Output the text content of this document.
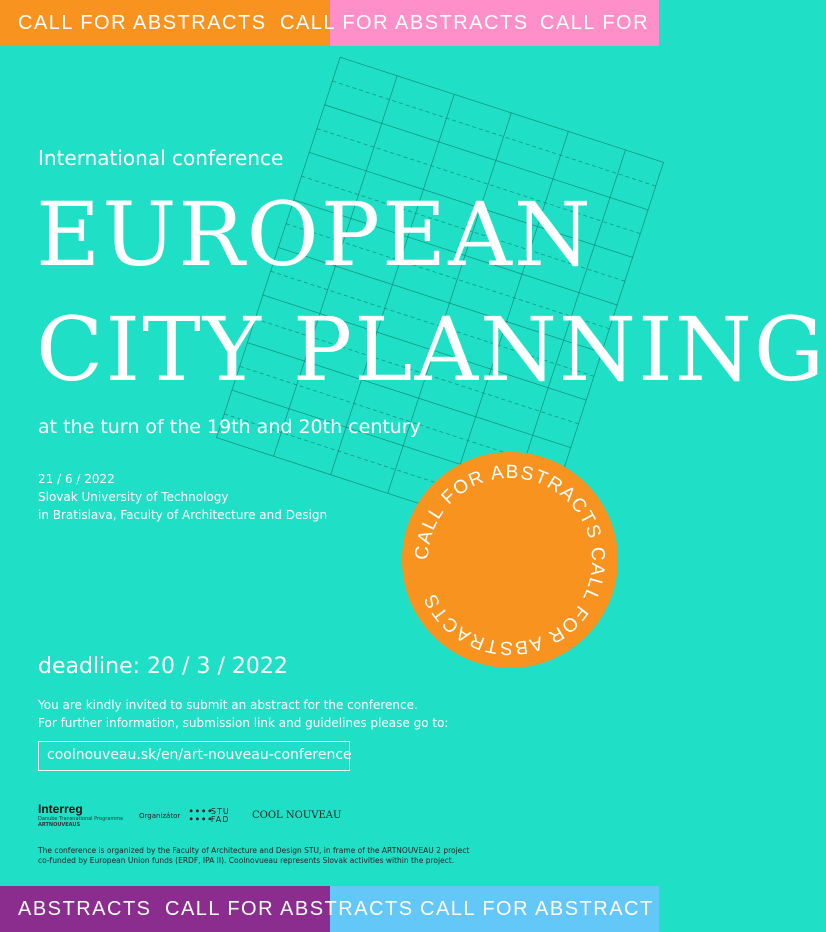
CALL FOR ABSTRACTS CALL FOR ABSTRACTS CALL FOR
International conference
EUROPEAN
CITY PLANNING
at the turn of the 19th and 20th century
21 / 6 / 2022
Slovak University of Technology
in Bratislava, Faculty of Architecture and Design
CALL FOR ABSTRACTS CALL FOR ABSTRACTS
deadline: 20 / 3 / 2022
You are kindly invited to submit an abstract for the conference.
For further information, submission link and guidelines please go to:
coolnouveau.sk/en/art-nouveau-conference
Interreg
Danube Transnational Programme
ARTNOUVEAUS
Organizátor ∙∙∙∙
∙∙∙∙ STU
FAD COOL NOUVEAU
The conference is organized by the Faculty of Architecture and Design STU, in frame of the ARTNOUVEAU 2 project
co-funded by European Union funds (ERDF, IPA II). Coolnovueau represents Slovak activities within the project.
ABSTRACTS CALL FOR ABSTRACTS CALL FOR ABSTRACT
